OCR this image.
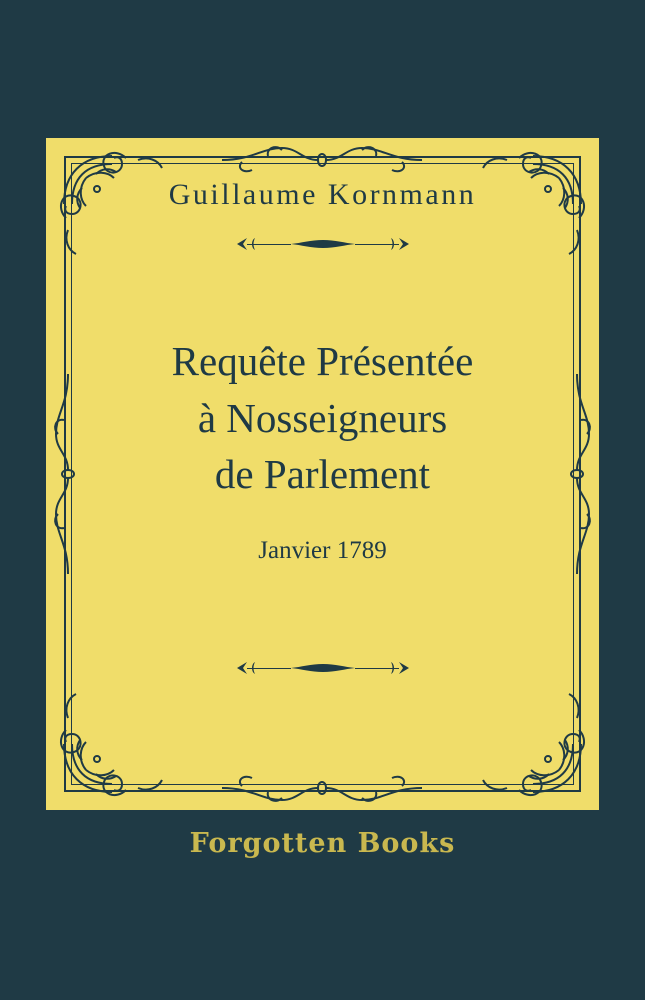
Guillaume Kornmann
Requête Présentée
à Nosseigneurs
de Parlement
Janvier 1789
Forgotten Books
